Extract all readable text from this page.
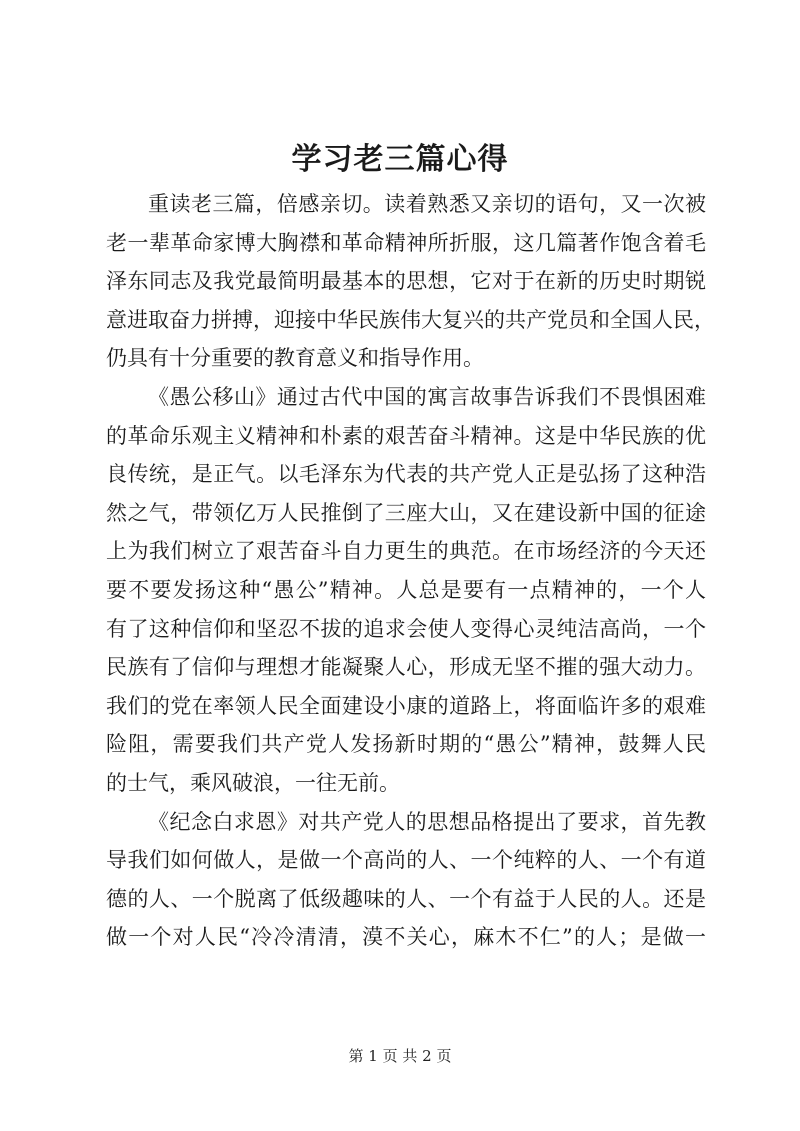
学习老三篇心得
重读老三篇，倍感亲切。读着熟悉又亲切的语句，又一次被
老一辈革命家博大胸襟和革命精神所折服，这几篇著作饱含着毛
泽东同志及我党最简明最基本的思想，它对于在新的历史时期锐
意进取奋力拼搏，迎接中华民族伟大复兴的共产党员和全国人民，
仍具有十分重要的教育意义和指导作用。
《愚公移山》通过古代中国的寓言故事告诉我们不畏惧困难
的革命乐观主义精神和朴素的艰苦奋斗精神。这是中华民族的优
良传统，是正气。以毛泽东为代表的共产党人正是弘扬了这种浩
然之气，带领亿万人民推倒了三座大山，又在建设新中国的征途
上为我们树立了艰苦奋斗自力更生的典范。在市场经济的今天还
要不要发扬这种“愚公”精神。人总是要有一点精神的，一个人
有了这种信仰和坚忍不拔的追求会使人变得心灵纯洁高尚，一个
民族有了信仰与理想才能凝聚人心，形成无坚不摧的强大动力。
我们的党在率领人民全面建设小康的道路上，将面临许多的艰难
险阻，需要我们共产党人发扬新时期的“愚公”精神，鼓舞人民
的士气，乘风破浪，一往无前。
《纪念白求恩》对共产党人的思想品格提出了要求，首先教
导我们如何做人，是做一个高尚的人、一个纯粹的人、一个有道
德的人、一个脱离了低级趣味的人、一个有益于人民的人。还是
做一个对人民“冷冷清清，漠不关心，麻木不仁”的人；是做一
第 1 页 共 2 页
